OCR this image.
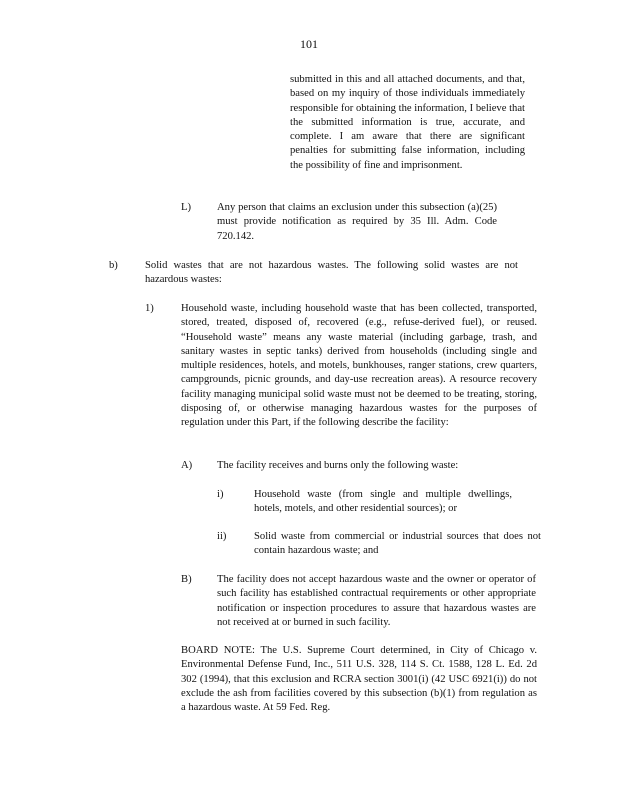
101

submitted in this and all attached documents, and that, based on my inquiry of those individuals immediately responsible for obtaining the information, I believe that the submitted information is true, accurate, and complete. I am aware that there are significant penalties for submitting false information, including the possibility of fine and imprisonment.

L) Any person that claims an exclusion under this subsection (a)(25) must provide notification as required by 35 Ill. Adm. Code 720.142.

b)	Solid wastes that are not hazardous wastes. The following solid wastes are not hazardous wastes:

1)	Household waste, including household waste that has been collected, transported, stored, treated, disposed of, recovered (e.g., refuse-derived fuel), or reused. “Household waste” means any waste material (including garbage, trash, and sanitary wastes in septic tanks) derived from households (including single and multiple residences, hotels, and motels, bunkhouses, ranger stations, crew quarters, campgrounds, picnic grounds, and day-use recreation areas). A resource recovery facility managing municipal solid waste must not be deemed to be treating, storing, disposing of, or otherwise managing hazardous wastes for the purposes of regulation under this Part, if the following describe the facility:

A) The facility receives and burns only the following waste:

i)	Household waste (from single and multiple dwellings, hotels, motels, and other residential sources); or

ii)	Solid waste from commercial or industrial sources that does not contain hazardous waste; and

B) The facility does not accept hazardous waste and the owner or operator of such facility has established contractual requirements or other appropriate notification or inspection procedures to assure that hazardous wastes are not received at or burned in such facility.

BOARD NOTE: The U.S. Supreme Court determined, in City of Chicago v. Environmental Defense Fund, Inc., 511 U.S. 328, 114 S. Ct. 1588, 128 L. Ed. 2d 302 (1994), that this exclusion and RCRA section 3001(i) (42 USC 6921(i)) do not exclude the ash from facilities covered by this subsection (b)(1) from regulation as a hazardous waste. At 59 Fed. Reg.
